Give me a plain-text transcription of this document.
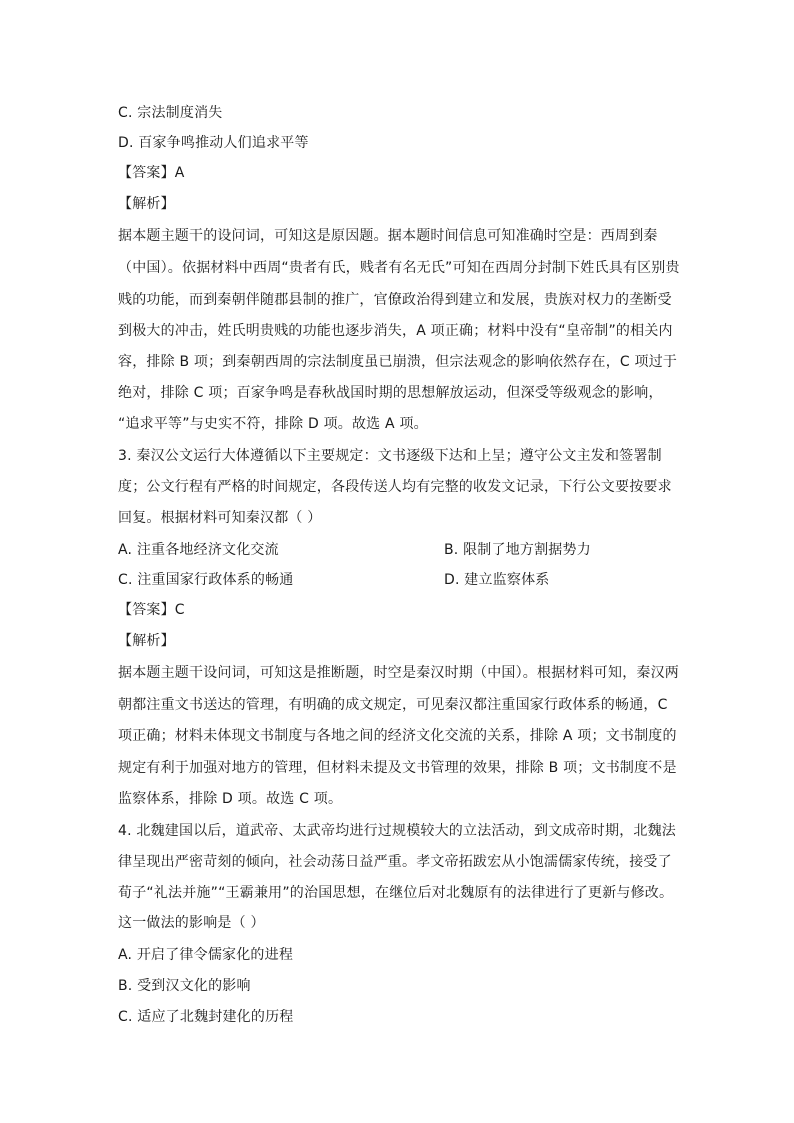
C. 宗法制度消失
D. 百家争鸣推动人们追求平等
【答案】A
【解析】
据本题主题干的设问词，可知这是原因题。据本题时间信息可知准确时空是：西周到秦
（中国）。依据材料中西周“贵者有氏，贱者有名无氏”可知在西周分封制下姓氏具有区别贵
贱的功能，而到秦朝伴随郡县制的推广，官僚政治得到建立和发展，贵族对权力的垄断受
到极大的冲击，姓氏明贵贱的功能也逐步消失，A 项正确；材料中没有“皇帝制”的相关内
容，排除 B 项；到秦朝西周的宗法制度虽已崩溃，但宗法观念的影响依然存在，C 项过于
绝对，排除 C 项；百家争鸣是春秋战国时期的思想解放运动，但深受等级观念的影响，
“追求平等”与史实不符，排除 D 项。故选 A 项。
3. 秦汉公文运行大体遵循以下主要规定：文书逐级下达和上呈；遵守公文主发和签署制
度；公文行程有严格的时间规定，各段传送人均有完整的收发文记录，下行公文要按要求
回复。根据材料可知秦汉都（ ）
A. 注重各地经济文化交流	B. 限制了地方割据势力
C. 注重国家行政体系的畅通	D. 建立监察体系
【答案】C
【解析】
据本题主题干设问词，可知这是推断题，时空是秦汉时期（中国）。根据材料可知，秦汉两
朝都注重文书送达的管理，有明确的成文规定，可见秦汉都注重国家行政体系的畅通，C
项正确；材料未体现文书制度与各地之间的经济文化交流的关系，排除 A 项；文书制度的
规定有利于加强对地方的管理，但材料未提及文书管理的效果，排除 B 项；文书制度不是
监察体系，排除 D 项。故选 C 项。
4. 北魏建国以后，道武帝、太武帝均进行过规模较大的立法活动，到文成帝时期，北魏法
律呈现出严密苛刻的倾向，社会动荡日益严重。孝文帝拓跋宏从小饱濡儒家传统，接受了
荀子“礼法并施”“王霸兼用”的治国思想，在继位后对北魏原有的法律进行了更新与修改。
这一做法的影响是（ ）
A. 开启了律令儒家化的进程
B. 受到汉文化的影响
C. 适应了北魏封建化的历程
